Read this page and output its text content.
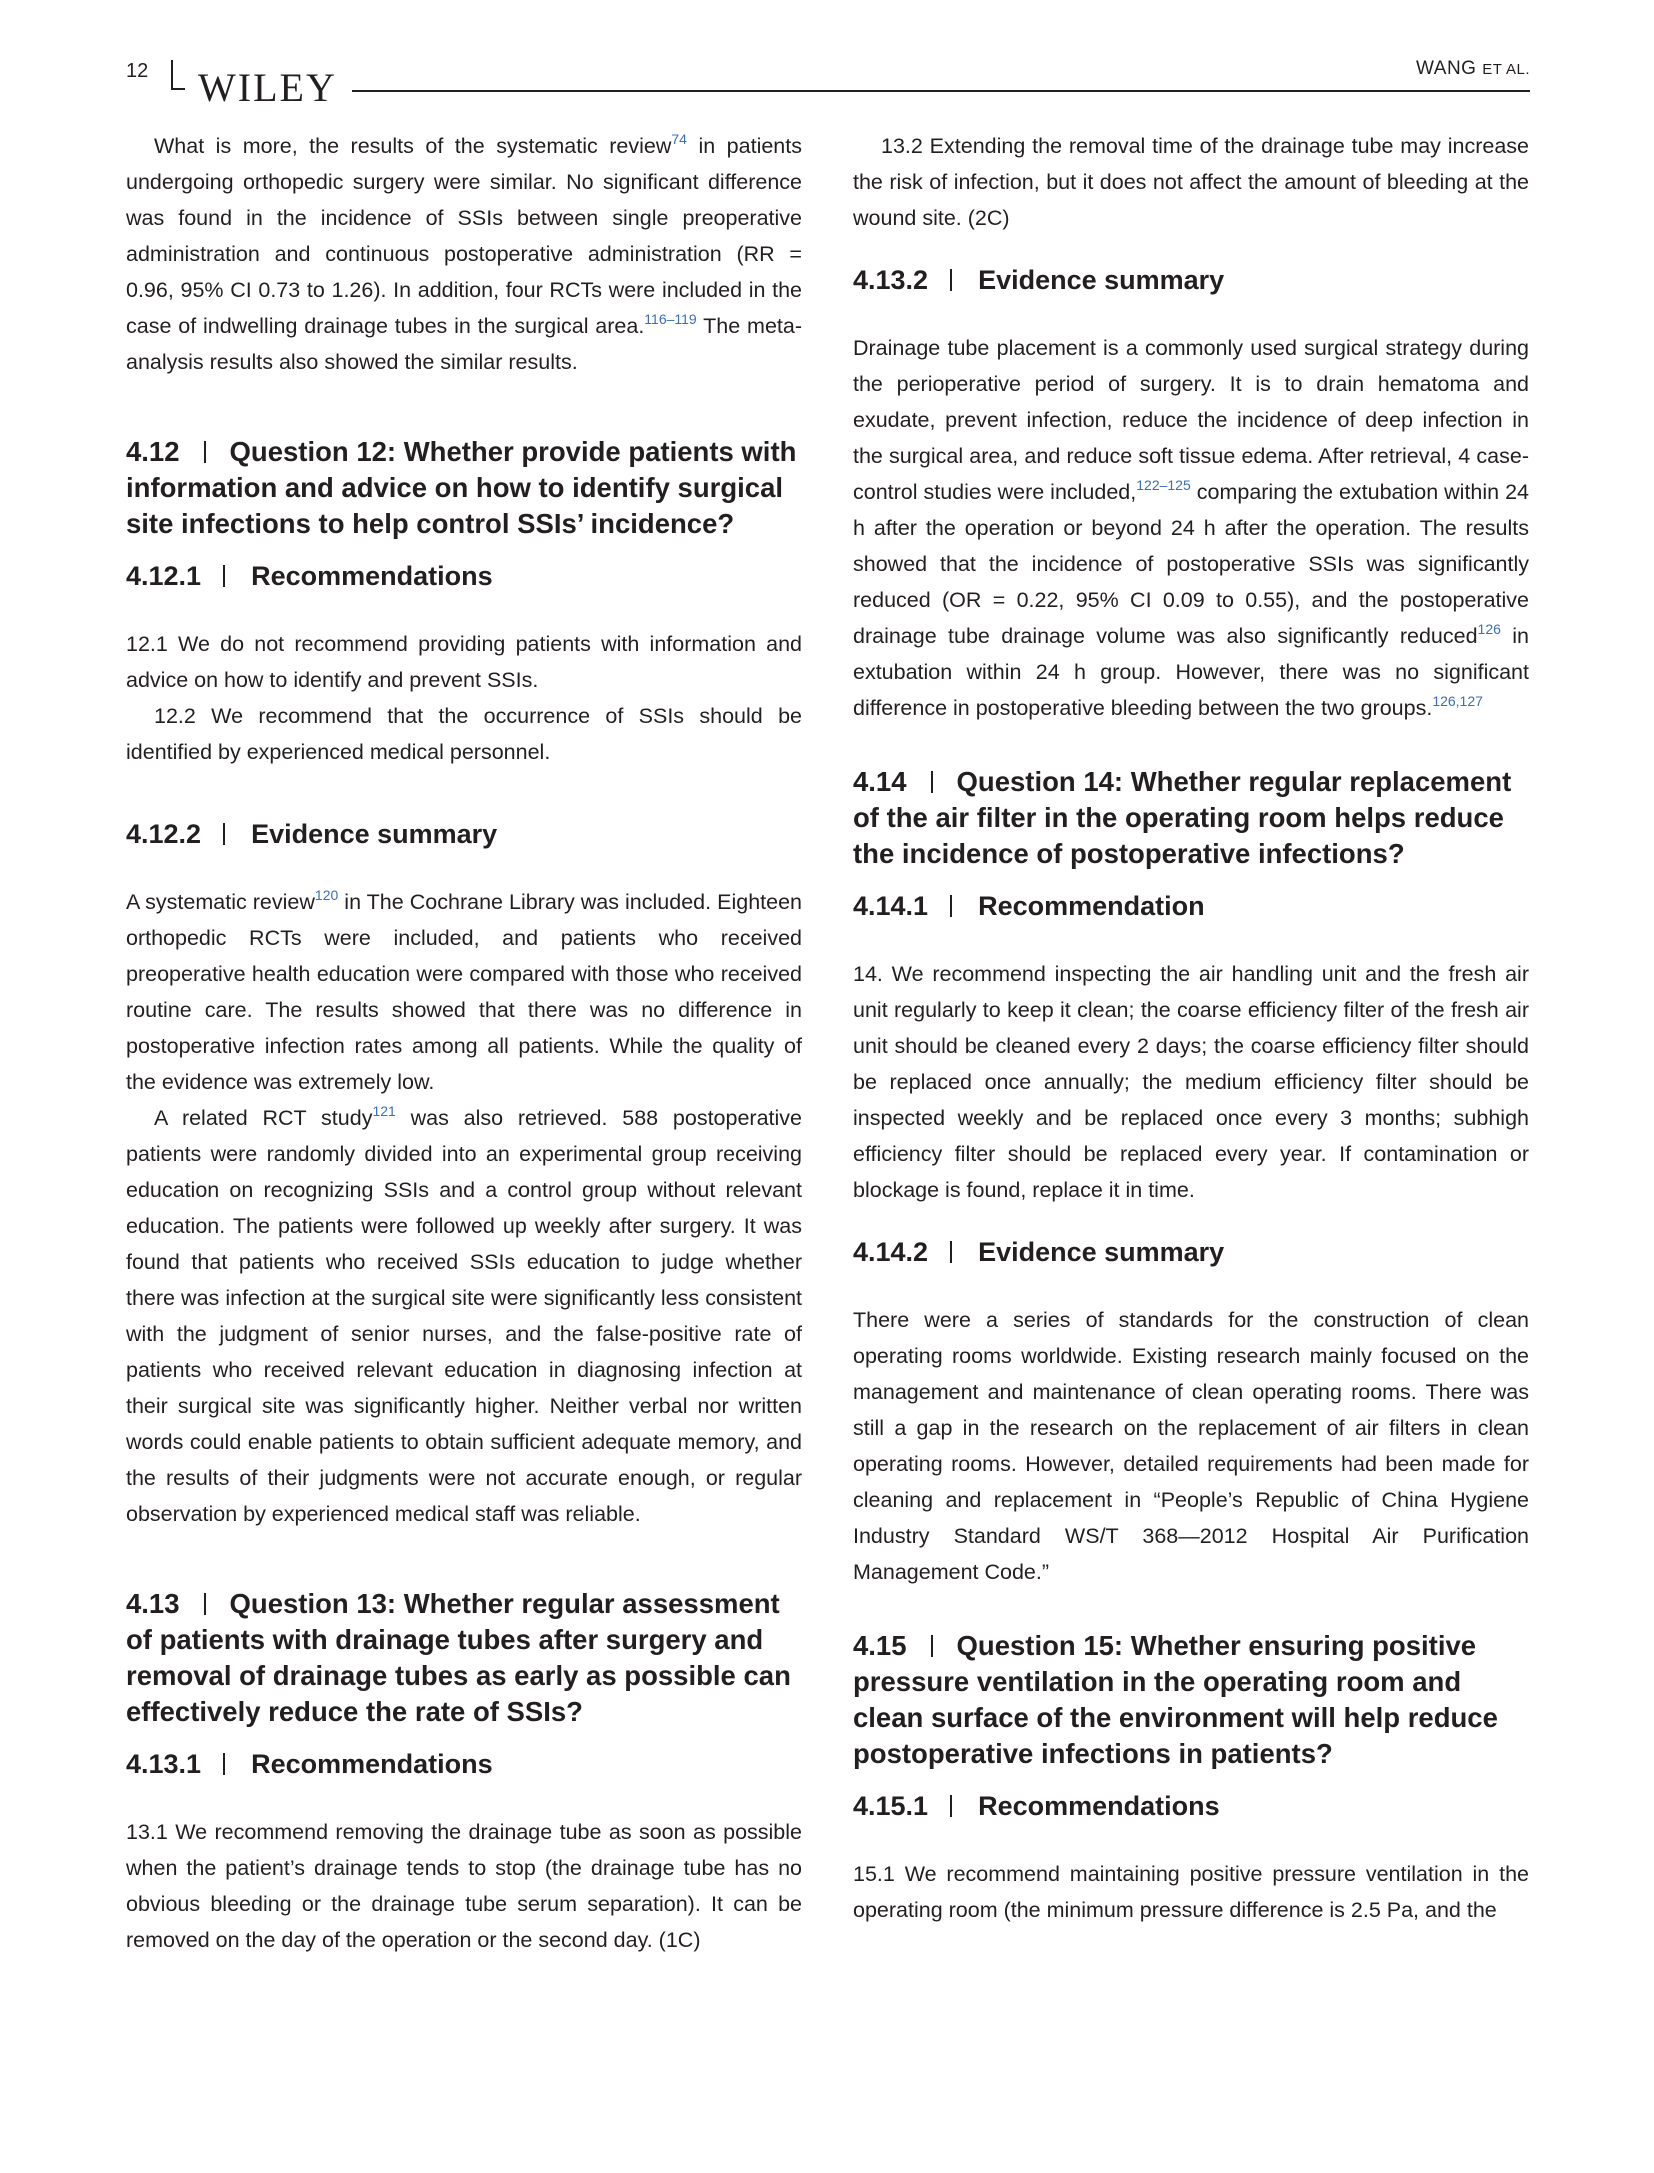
12 WILEY	WANG ET AL.

What is more, the results of the systematic review$^{74}$ in patients undergoing orthopedic surgery were similar. No significant difference was found in the incidence of SSIs between single preoperative administration and continuous postoperative administration (RR = 0.96, 95% CI 0.73 to 1.26). In addition, four RCTs were included in the case of indwelling drainage tubes in the surgical area.$^{116-119}$ The meta-analysis results also showed the similar results.

4.12 Question 12: Whether provide patients with information and advice on how to identify surgical site infections to help control SSIs’ incidence?
4.12.1 Recommendations

12.1 We do not recommend providing patients with information and advice on how to identify and prevent SSIs.

12.2 We recommend that the occurrence of SSIs should be identified by experienced medical personnel.

4.12.2 Evidence summary

A systematic review$^{120}$ in The Cochrane Library was included. Eighteen orthopedic RCTs were included, and patients who received preoperative health education were compared with those who received routine care. The results showed that there was no difference in postoperative infection rates among all patients. While the quality of the evidence was extremely low.

A related RCT study$^{121}$ was also retrieved. 588 postoperative patients were randomly divided into an experimental group receiving education on recognizing SSIs and a control group without relevant education. The patients were followed up weekly after surgery. It was found that patients who received SSIs education to judge whether there was infection at the surgical site were significantly less consistent with the judgment of senior nurses, and the false-positive rate of patients who received relevant education in diagnosing infection at their surgical site was significantly higher. Neither verbal nor written words could enable patients to obtain sufficient adequate memory, and the results of their judgments were not accurate enough, or regular observation by experienced medical staff was reliable.

4.13 Question 13: Whether regular assessment of patients with drainage tubes after surgery and removal of drainage tubes as early as possible can effectively reduce the rate of SSIs?
4.13.1 Recommendations

13.1 We recommend removing the drainage tube as soon as possible when the patient’s drainage tends to stop (the drainage tube has no obvious bleeding or the drainage tube serum separation). It can be removed on the day of the operation or the second day. (1C)

13.2 Extending the removal time of the drainage tube may increase the risk of infection, but it does not affect the amount of bleeding at the wound site. (2C)

4.13.2 Evidence summary

Drainage tube placement is a commonly used surgical strategy during the perioperative period of surgery. It is to drain hematoma and exudate, prevent infection, reduce the incidence of deep infection in the surgical area, and reduce soft tissue edema. After retrieval, 4 case-control studies were included,$^{122-125}$ comparing the extubation within 24 h after the operation or beyond 24 h after the operation. The results showed that the incidence of postoperative SSIs was significantly reduced (OR = 0.22, 95% CI 0.09 to 0.55), and the postoperative drainage tube drainage volume was also significantly reduced$^{126}$ in extubation within 24 h group. However, there was no significant difference in postoperative bleeding between the two groups.$^{126,127}$

4.14 Question 14: Whether regular replacement of the air filter in the operating room helps reduce the incidence of postoperative infections?
4.14.1 Recommendation

14. We recommend inspecting the air handling unit and the fresh air unit regularly to keep it clean; the coarse efficiency filter of the fresh air unit should be cleaned every 2 days; the coarse efficiency filter should be replaced once annually; the medium efficiency filter should be inspected weekly and be replaced once every 3 months; subhigh efficiency filter should be replaced every year. If contamination or blockage is found, replace it in time.

4.14.2 Evidence summary

There were a series of standards for the construction of clean operating rooms worldwide. Existing research mainly focused on the management and maintenance of clean operating rooms. There was still a gap in the research on the replacement of air filters in clean operating rooms. However, detailed requirements had been made for cleaning and replacement in “People’s Republic of China Hygiene Industry Standard WS/T 368—2012 Hospital Air Purification Management Code.”

4.15 Question 15: Whether ensuring positive pressure ventilation in the operating room and clean surface of the environment will help reduce postoperative infections in patients?
4.15.1 Recommendations

15.1 We recommend maintaining positive pressure ventilation in the operating room (the minimum pressure difference is 2.5 Pa, and the
